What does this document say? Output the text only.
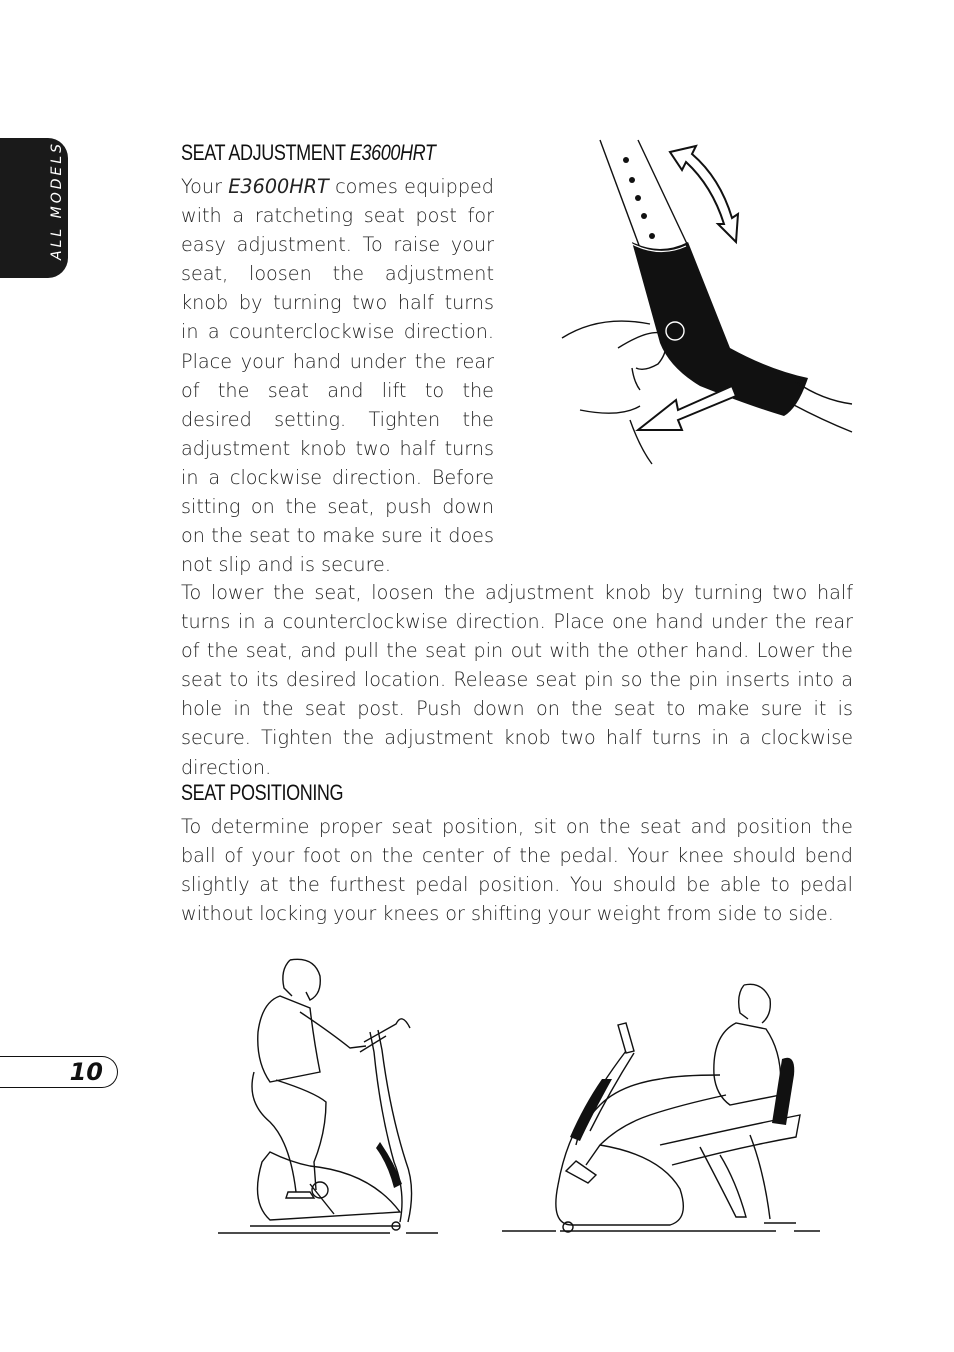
ALL MODELS
10
SEAT ADJUSTMENT E3600HRT

Your E3600HRT comes equipped with a ratcheting seat post for easy adjustment. To raise your seat, loosen the adjustment knob by turning two half turns in a counterclockwise direction. Place your hand under the rear of the seat and lift to the desired setting. Tighten the adjustment knob two half turns in a clockwise direction. Before sitting on the seat, push down on the seat to make sure it does not slip and is secure.

To lower the seat, loosen the adjustment knob by turning two half turns in a counterclockwise direction. Place one hand under the rear of the seat, and pull the seat pin out with the other hand. Lower the seat to its desired location. Release seat pin so the pin inserts into a hole in the seat post. Push down on the seat to make sure it is secure. Tighten the adjustment knob two half turns in a clockwise direction.

SEAT POSITIONING

To determine proper seat position, sit on the seat and position the ball of your foot on the center of the pedal. Your knee should bend slightly at the furthest pedal position. You should be able to pedal without locking your knees or shifting your weight from side to side.
